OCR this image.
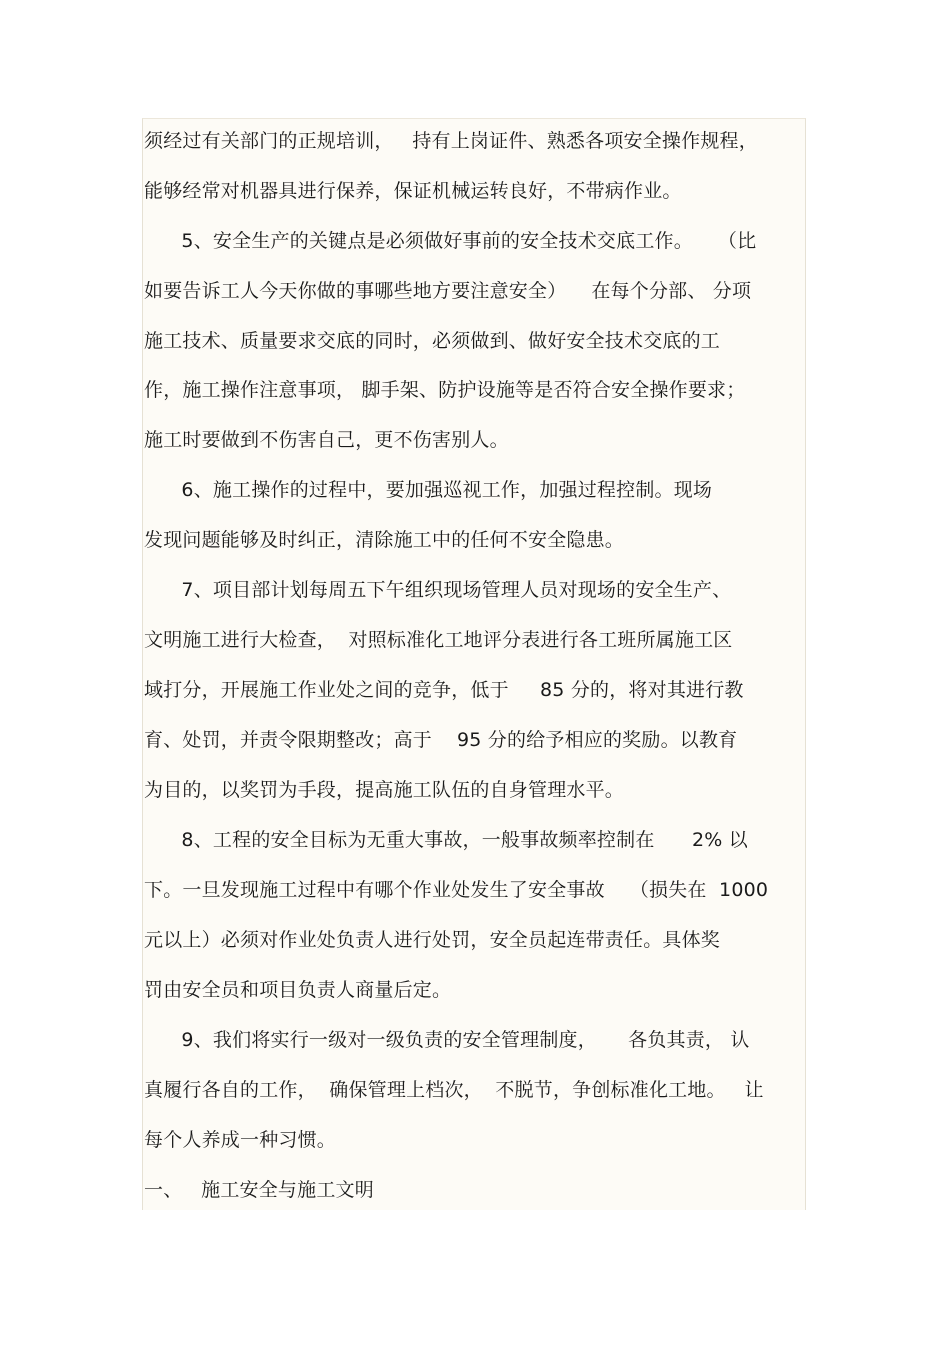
须经过有关部门的正规培训，   持有上岗证件、熟悉各项安全操作规程，
能够经常对机器具进行保养，保证机械运转良好，不带病作业。
5、安全生产的关键点是必须做好事前的安全技术交底工作。    （比
如要告诉工人今天你做的事哪些地方要注意安全）    在每个分部、 分项
施工技术、质量要求交底的同时，必须做到、做好安全技术交底的工
作，施工操作注意事项， 脚手架、防护设施等是否符合安全操作要求；
施工时要做到不伤害自己，更不伤害别人。
6、施工操作的过程中，要加强巡视工作，加强过程控制。现场
发现问题能够及时纠正，清除施工中的任何不安全隐患。
7、项目部计划每周五下午组织现场管理人员对现场的安全生产、
文明施工进行大检查，  对照标准化工地评分表进行各工班所属施工区
域打分，开展施工作业处之间的竞争，低于     85 分的，将对其进行教
育、处罚，并责令限期整改；高于    95 分的给予相应的奖励。以教育
为目的，以奖罚为手段，提高施工队伍的自身管理水平。
8、工程的安全目标为无重大事故，一般事故频率控制在      2% 以
下。一旦发现施工过程中有哪个作业处发生了安全事故    （损失在  1000
元以上）必须对作业处负责人进行处罚，安全员起连带责任。具体奖
罚由安全员和项目负责人商量后定。
9、我们将实行一级对一级负责的安全管理制度，     各负其责， 认
真履行各自的工作，  确保管理上档次，  不脱节，争创标准化工地。   让
每个人养成一种习惯。
一、   施工安全与施工文明
